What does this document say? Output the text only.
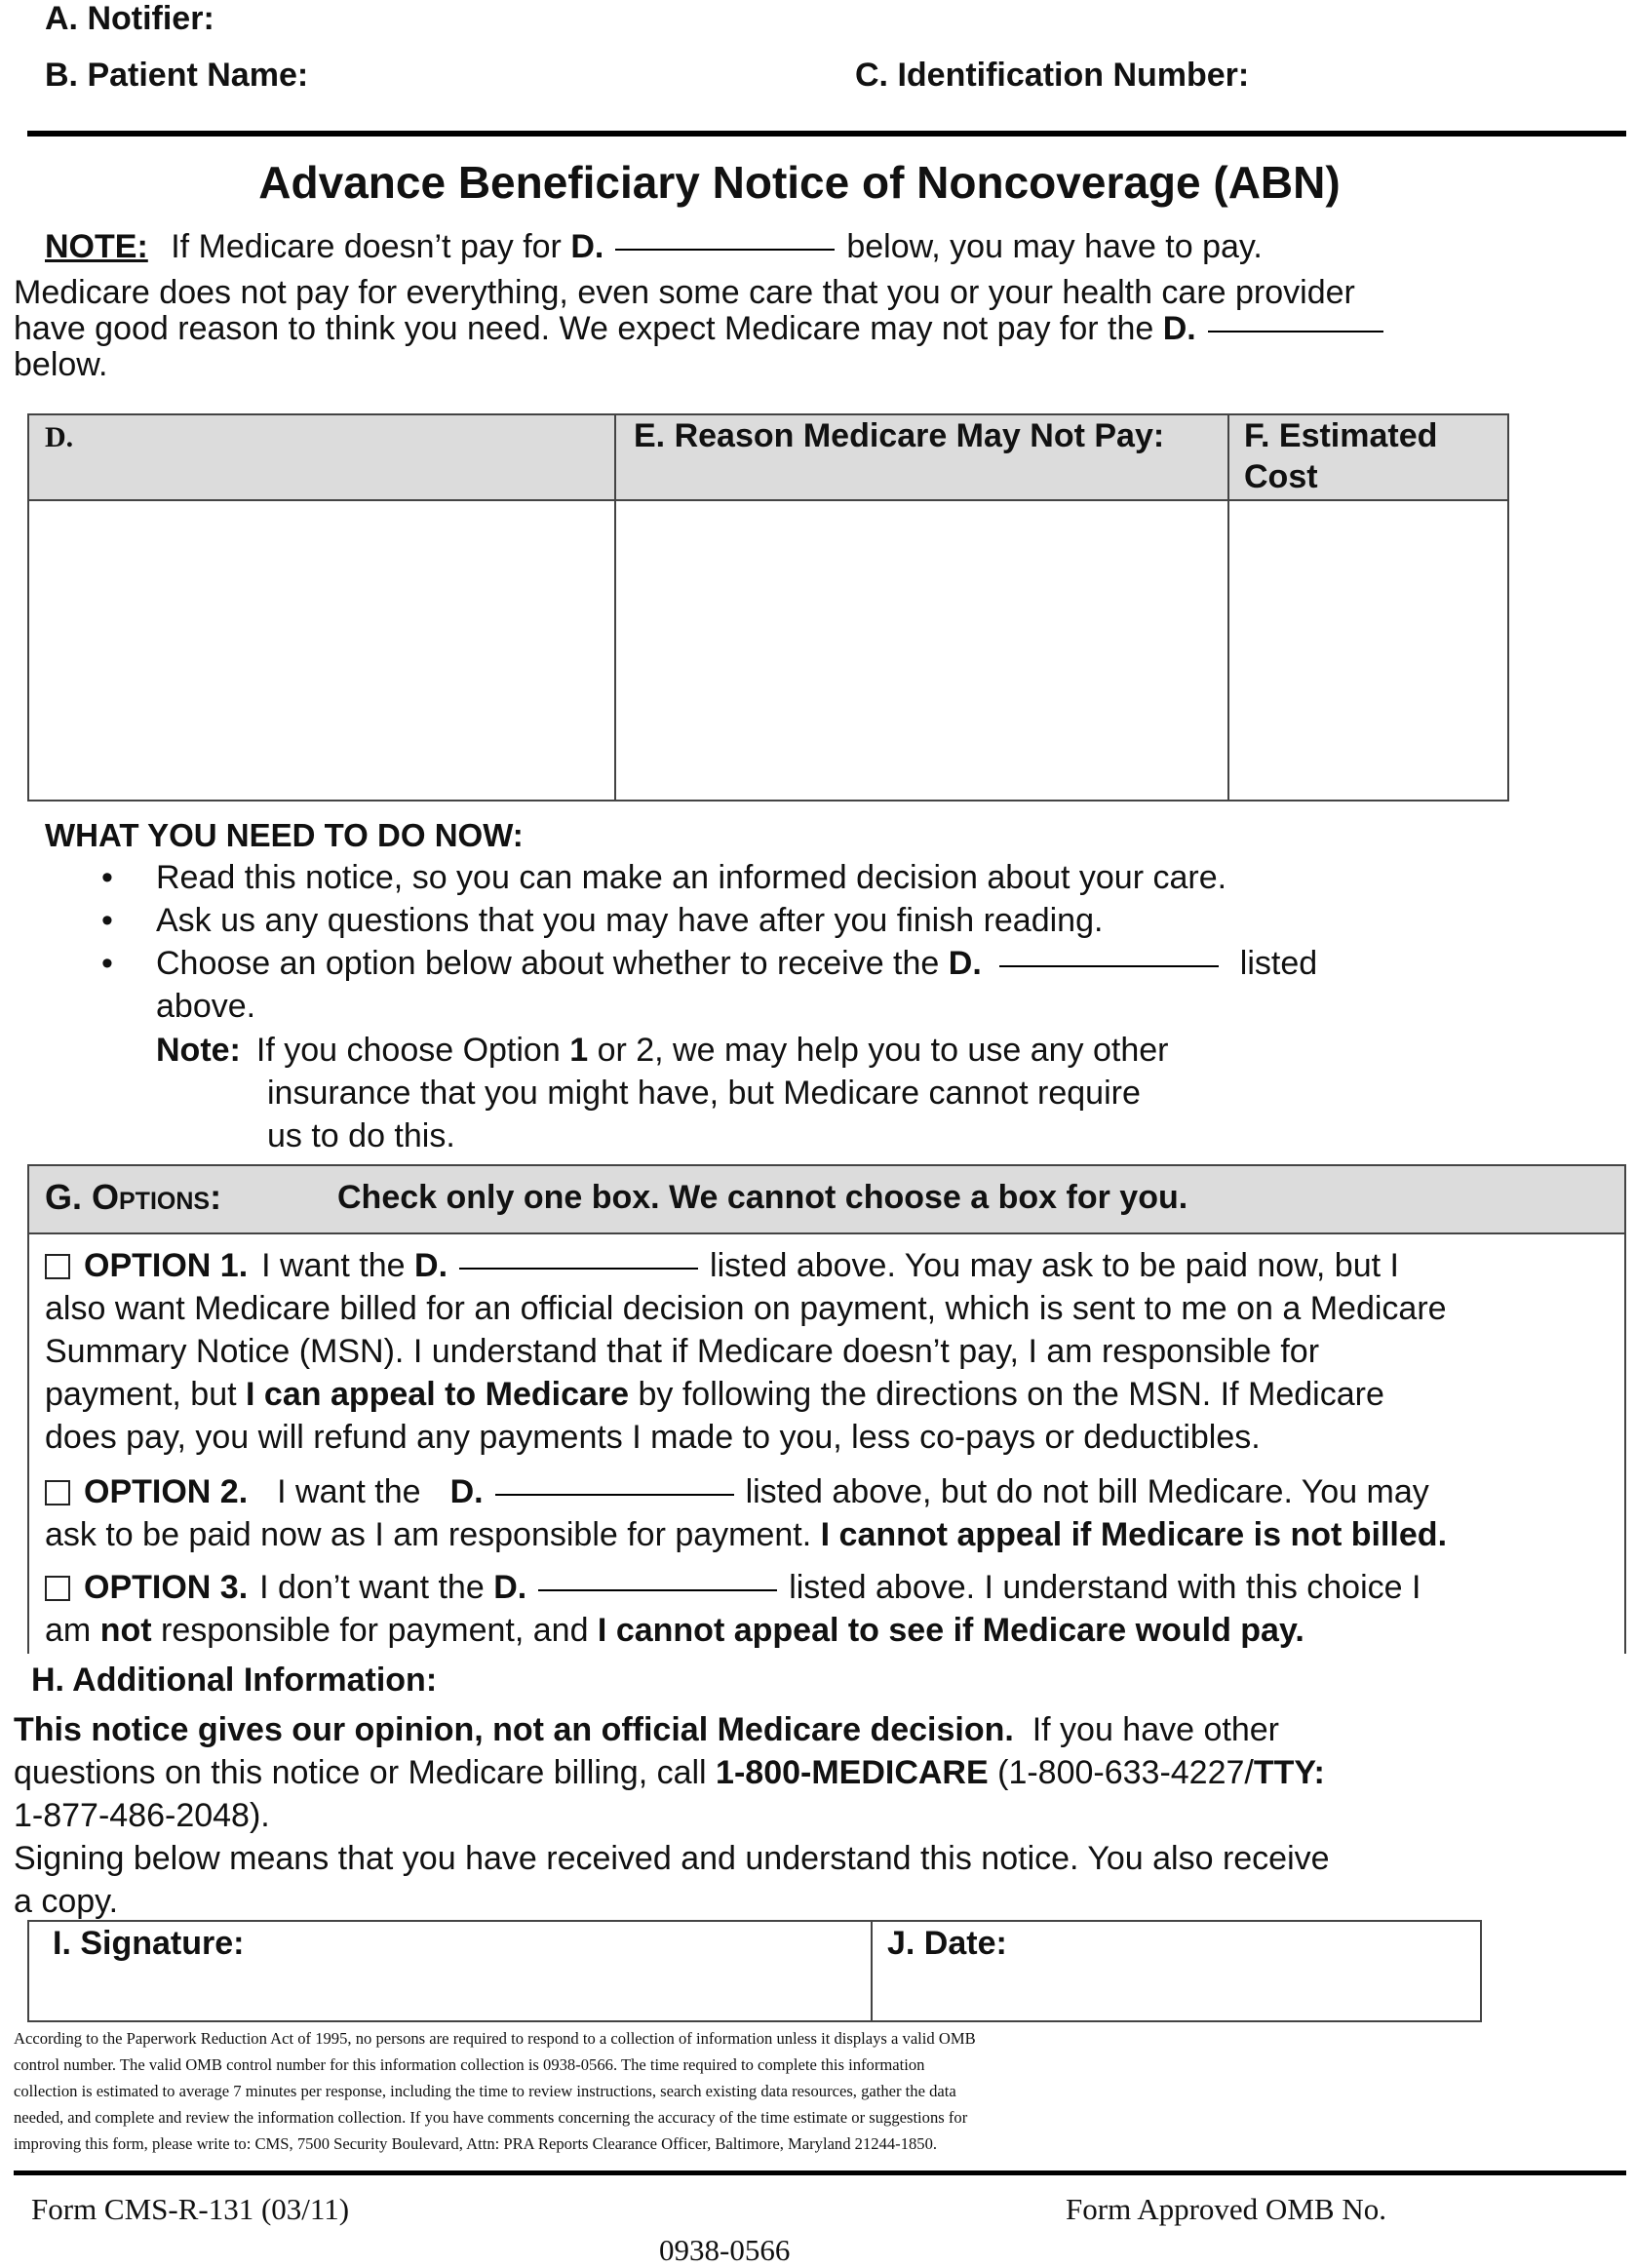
A. Notifier:
B. Patient Name:	C. Identification Number:
Advance Beneficiary Notice of Noncoverage (ABN)
NOTE: If Medicare doesn’t pay for D.	below, you may have to pay.
Medicare does not pay for everything, even some care that you or your health care provider
have good reason to think you need. We expect Medicare may not pay for the D.
below.
D.	E. Reason Medicare May Not Pay:	F. Estimated Cost
WHAT YOU NEED TO DO NOW:
• Read this notice, so you can make an informed decision about your care.
• Ask us any questions that you may have after you finish reading.
• Choose an option below about whether to receive the D.	listed
above.
Note: If you choose Option 1 or 2, we may help you to use any other
insurance that you might have, but Medicare cannot require
us to do this.
G. Options:	Check only one box. We cannot choose a box for you.
OPTION 1. I want the D.	listed above. You may ask to be paid now, but I
also want Medicare billed for an official decision on payment, which is sent to me on a Medicare
Summary Notice (MSN). I understand that if Medicare doesn’t pay, I am responsible for
payment, but I can appeal to Medicare by following the directions on the MSN. If Medicare
does pay, you will refund any payments I made to you, less co-pays or deductibles.
OPTION 2. I want the D.	listed above, but do not bill Medicare. You may
ask to be paid now as I am responsible for payment. I cannot appeal if Medicare is not billed.
OPTION 3. I don’t want the D.	listed above. I understand with this choice I
am not responsible for payment, and I cannot appeal to see if Medicare would pay.
H. Additional Information:
This notice gives our opinion, not an official Medicare decision.  If you have other
questions on this notice or Medicare billing, call 1-800-MEDICARE (1-800-633-4227/TTY:
1-877-486-2048).
Signing below means that you have received and understand this notice. You also receive
a copy.
I. Signature:	J. Date:
According to the Paperwork Reduction Act of 1995, no persons are required to respond to a collection of information unless it displays a valid OMB
control number. The valid OMB control number for this information collection is 0938-0566. The time required to complete this information
collection is estimated to average 7 minutes per response, including the time to review instructions, search existing data resources, gather the data
needed, and complete and review the information collection. If you have comments concerning the accuracy of the time estimate or suggestions for
improving this form, please write to: CMS, 7500 Security Boulevard, Attn: PRA Reports Clearance Officer, Baltimore, Maryland 21244-1850.
Form CMS-R-131 (03/11)	Form Approved OMB No.
0938-0566
